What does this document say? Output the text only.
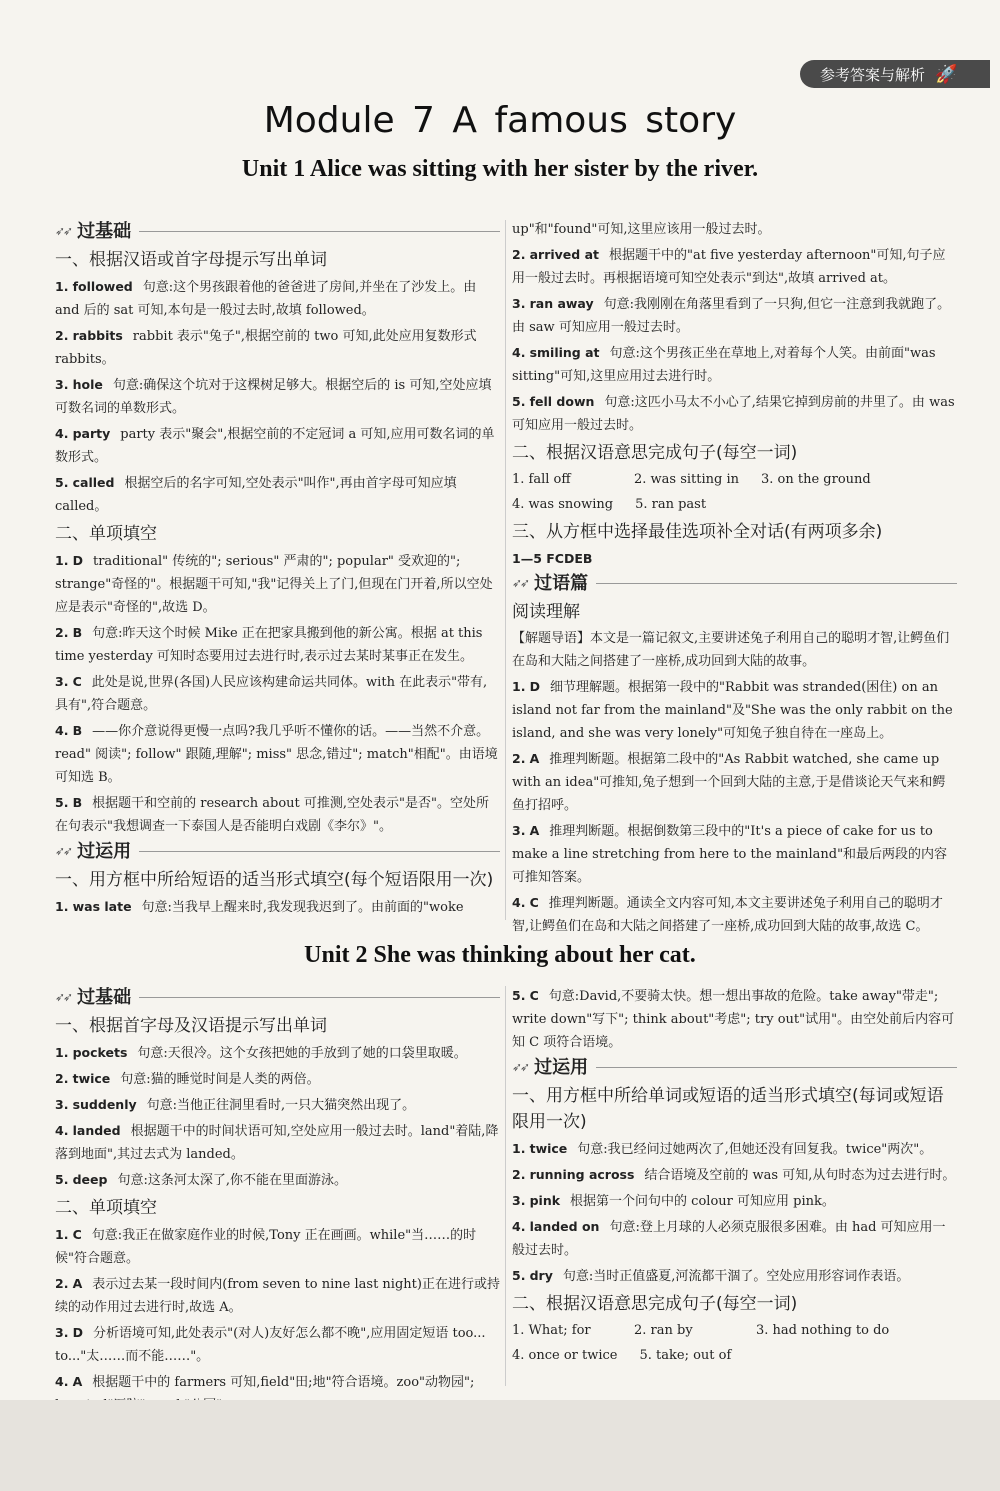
参考答案与解析 🚀
Module 7 A famous story
Unit 1 Alice was sitting with her sister by the river.
➶➶ 过基础
一、根据汉语或首字母提示写出单词
1. followed 句意:这个男孩跟着他的爸爸进了房间,并坐在了沙发上。由 and 后的 sat 可知,本句是一般过去时,故填 followed。
2. rabbits rabbit 表示"兔子",根据空前的 two 可知,此处应用复数形式 rabbits。
3. hole 句意:确保这个坑对于这棵树足够大。根据空后的 is 可知,空处应填可数名词的单数形式。
4. party party 表示"聚会",根据空前的不定冠词 a 可知,应用可数名词的单数形式。
5. called 根据空后的名字可知,空处表示"叫作",再由首字母可知应填 called。
二、单项填空
1. D traditional" 传统的"; serious" 严肃的"; popular" 受欢迎的"; strange"奇怪的"。根据题干可知,"我"记得关上了门,但现在门开着,所以空处应是表示"奇怪的",故选 D。
2. B 句意:昨天这个时候 Mike 正在把家具搬到他的新公寓。根据 at this time yesterday 可知时态要用过去进行时,表示过去某时某事正在发生。
3. C 此处是说,世界(各国)人民应该构建命运共同体。with 在此表示"带有,具有",符合题意。
4. B ——你介意说得更慢一点吗?我几乎听不懂你的话。——当然不介意。read" 阅读"; follow" 跟随,理解"; miss" 思念,错过"; match"相配"。由语境可知选 B。
5. B 根据题干和空前的 research about 可推测,空处表示"是否"。空处所在句表示"我想调查一下泰国人是否能明白戏剧《李尔》"。
➶➶ 过运用
一、用方框中所给短语的适当形式填空(每个短语限用一次)
1. was late 句意:当我早上醒来时,我发现我迟到了。由前面的"woke
up"和"found"可知,这里应该用一般过去时。
2. arrived at 根据题干中的"at five yesterday afternoon"可知,句子应用一般过去时。再根据语境可知空处表示"到达",故填 arrived at。
3. ran away 句意:我刚刚在角落里看到了一只狗,但它一注意到我就跑了。由 saw 可知应用一般过去时。
4. smiling at 句意:这个男孩正坐在草地上,对着每个人笑。由前面"was sitting"可知,这里应用过去进行时。
5. fell down 句意:这匹小马太不小心了,结果它掉到房前的井里了。由 was 可知应用一般过去时。
二、根据汉语意思完成句子(每空一词)
1. fall off	2. was sitting in 3. on the ground
4. was snowing 5. ran past
三、从方框中选择最佳选项补全对话(有两项多余)
1—5 FCDEB
➶➶ 过语篇
阅读理解
【解题导语】本文是一篇记叙文,主要讲述兔子利用自己的聪明才智,让鳄鱼们在岛和大陆之间搭建了一座桥,成功回到大陆的故事。
1. D 细节理解题。根据第一段中的"Rabbit was stranded(困住) on an island not far from the mainland"及"She was the only rabbit on the island, and she was very lonely"可知兔子独自待在一座岛上。
2. A 推理判断题。根据第二段中的"As Rabbit watched, she came up with an idea"可推知,兔子想到一个回到大陆的主意,于是借谈论天气来和鳄鱼打招呼。
3. A 推理判断题。根据倒数第三段中的"It's a piece of cake for us to make a line stretching from here to the mainland"和最后两段的内容可推知答案。
4. C 推理判断题。通读全文内容可知,本文主要讲述兔子利用自己的聪明才智,让鳄鱼们在岛和大陆之间搭建了一座桥,成功回到大陆的故事,故选 C。
Unit 2 She was thinking about her cat.
➶➶ 过基础
一、根据首字母及汉语提示写出单词
1. pockets 句意:天很冷。这个女孩把她的手放到了她的口袋里取暖。
2. twice 句意:猫的睡觉时间是人类的两倍。
3. suddenly 句意:当他正往洞里看时,一只大猫突然出现了。
4. landed 根据题干中的时间状语可知,空处应用一般过去时。land"着陆,降落到地面",其过去式为 landed。
5. deep 句意:这条河太深了,你不能在里面游泳。
二、单项填空
1. C 句意:我正在做家庭作业的时候,Tony 正在画画。while"当……的时候"符合题意。
2. A 表示过去某一段时间内(from seven to nine last night)正在进行或持续的动作用过去进行时,故选 A。
3. D 分析语境可知,此处表示"(对人)友好怎么都不晚",应用固定短语 too... to..."太……而不能……"。
4. A 根据题干中的 farmers 可知,field"田;地"符合语境。zoo"动物园";
5. C 句意:David,不要骑太快。想一想出事故的危险。take away"带走"; write down"写下"; think about"考虑"; try out"试用"。由空处前后内容可知 C 项符合语境。
➶➶ 过运用
一、用方框中所给单词或短语的适当形式填空(每词或短语限用一次)
1. twice 句意:我已经问过她两次了,但她还没有回复我。twice"两次"。
2. running across 结合语境及空前的 was 可知,从句时态为过去进行时。
3. pink 根据第一个问句中的 colour 可知应用 pink。
4. landed on 句意:登上月球的人必须克服很多困难。由 had 可知应用一般过去时。
5. dry 句意:当时正值盛夏,河流都干涸了。空处应用形容词作表语。
二、根据汉语意思完成句子(每空一词)
1. What; for	2. ran by	3. had nothing to do
4. once or twice 5. take; out of
